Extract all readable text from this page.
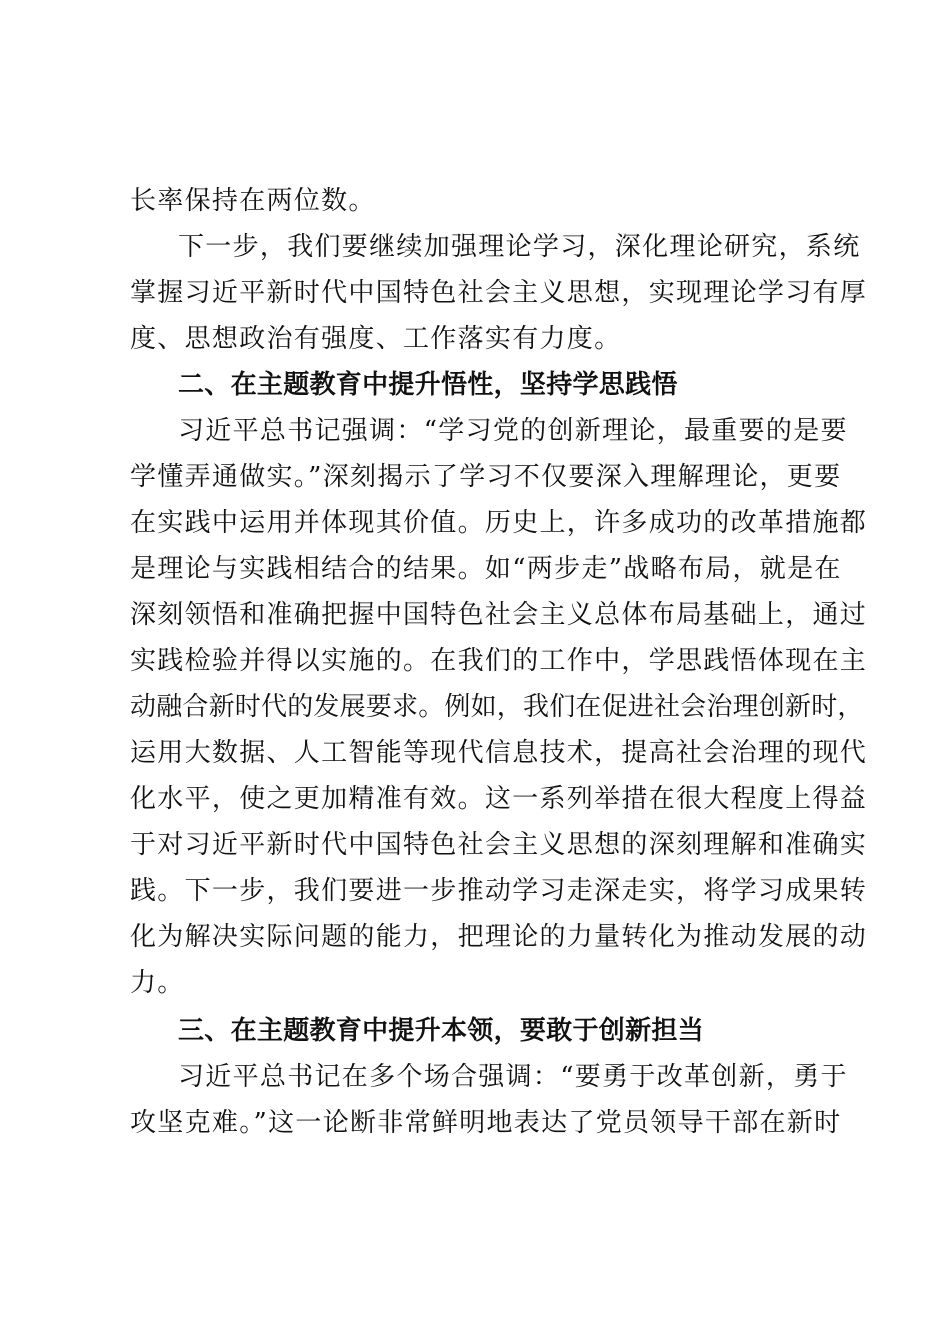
长率保持在两位数。

下一步，我们要继续加强理论学习，深化理论研究，系统

掌握习近平新时代中国特色社会主义思想，实现理论学习有厚

度、思想政治有强度、工作落实有力度。

二、在主题教育中提升悟性，坚持学思践悟

习近平总书记强调：“学习党的创新理论，最重要的是要

学懂弄通做实。”深刻揭示了学习不仅要深入理解理论，更要

在实践中运用并体现其价值。历史上，许多成功的改革措施都

是理论与实践相结合的结果。如“两步走”战略布局，就是在

深刻领悟和准确把握中国特色社会主义总体布局基础上，通过

实践检验并得以实施的。在我们的工作中，学思践悟体现在主

动融合新时代的发展要求。例如，我们在促进社会治理创新时，

运用大数据、人工智能等现代信息技术，提高社会治理的现代

化水平，使之更加精准有效。这一系列举措在很大程度上得益

于对习近平新时代中国特色社会主义思想的深刻理解和准确实

践。下一步，我们要进一步推动学习走深走实，将学习成果转

化为解决实际问题的能力，把理论的力量转化为推动发展的动

力。

三、在主题教育中提升本领，要敢于创新担当

习近平总书记在多个场合强调：“要勇于改革创新，勇于

攻坚克难。”这一论断非常鲜明地表达了党员领导干部在新时
